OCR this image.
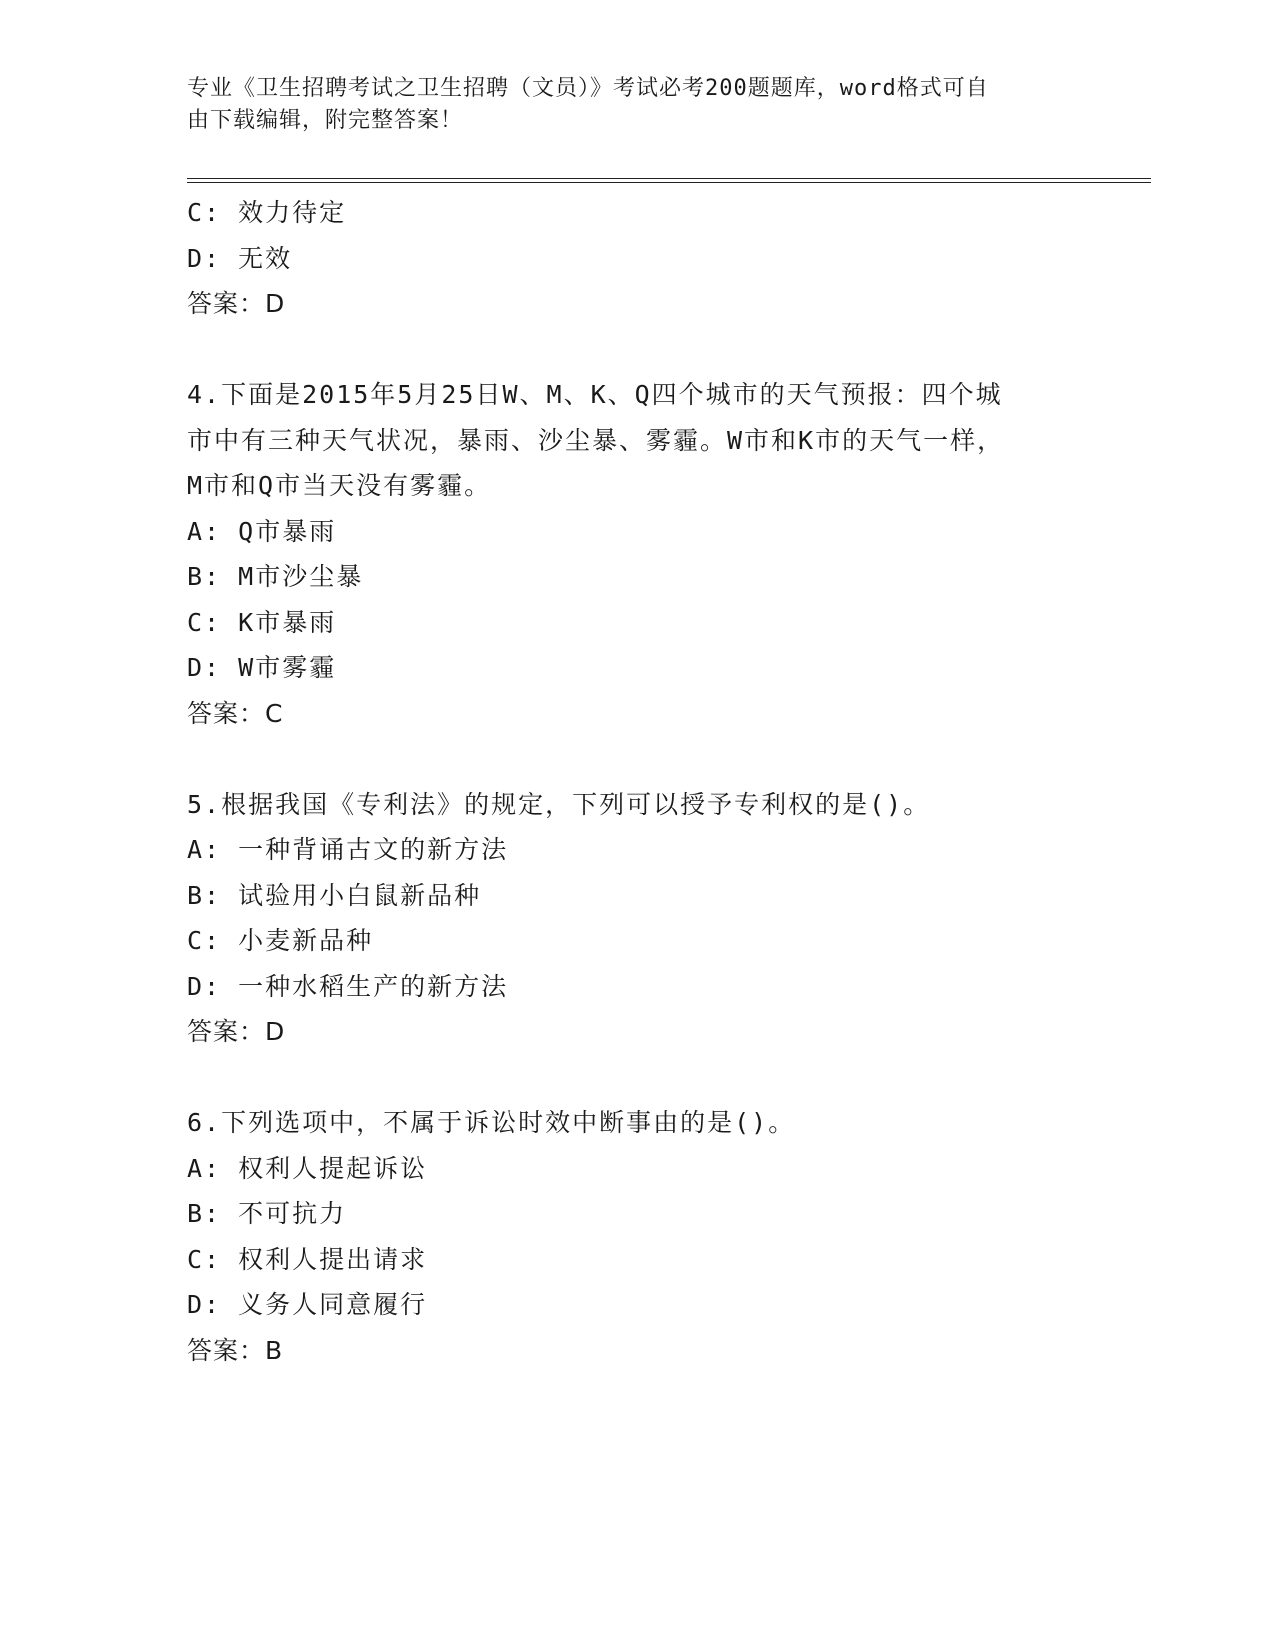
专业《卫生招聘考试之卫生招聘（文员）》考试必考200题题库，word格式可自
由下载编辑，附完整答案！
C: 效力待定
D: 无效
答案：D
4.下面是2015年5月25日W、M、K、Q四个城市的天气预报：四个城
市中有三种天气状况，暴雨、沙尘暴、雾霾。W市和K市的天气一样，
M市和Q市当天没有雾霾。
A: Q市暴雨
B: M市沙尘暴
C: K市暴雨
D: W市雾霾
答案：C
5.根据我国《专利法》的规定，下列可以授予专利权的是()。
A: 一种背诵古文的新方法
B: 试验用小白鼠新品种
C: 小麦新品种
D: 一种水稻生产的新方法
答案：D
6.下列选项中，不属于诉讼时效中断事由的是()。
A: 权利人提起诉讼
B: 不可抗力
C: 权利人提出请求
D: 义务人同意履行
答案：B
